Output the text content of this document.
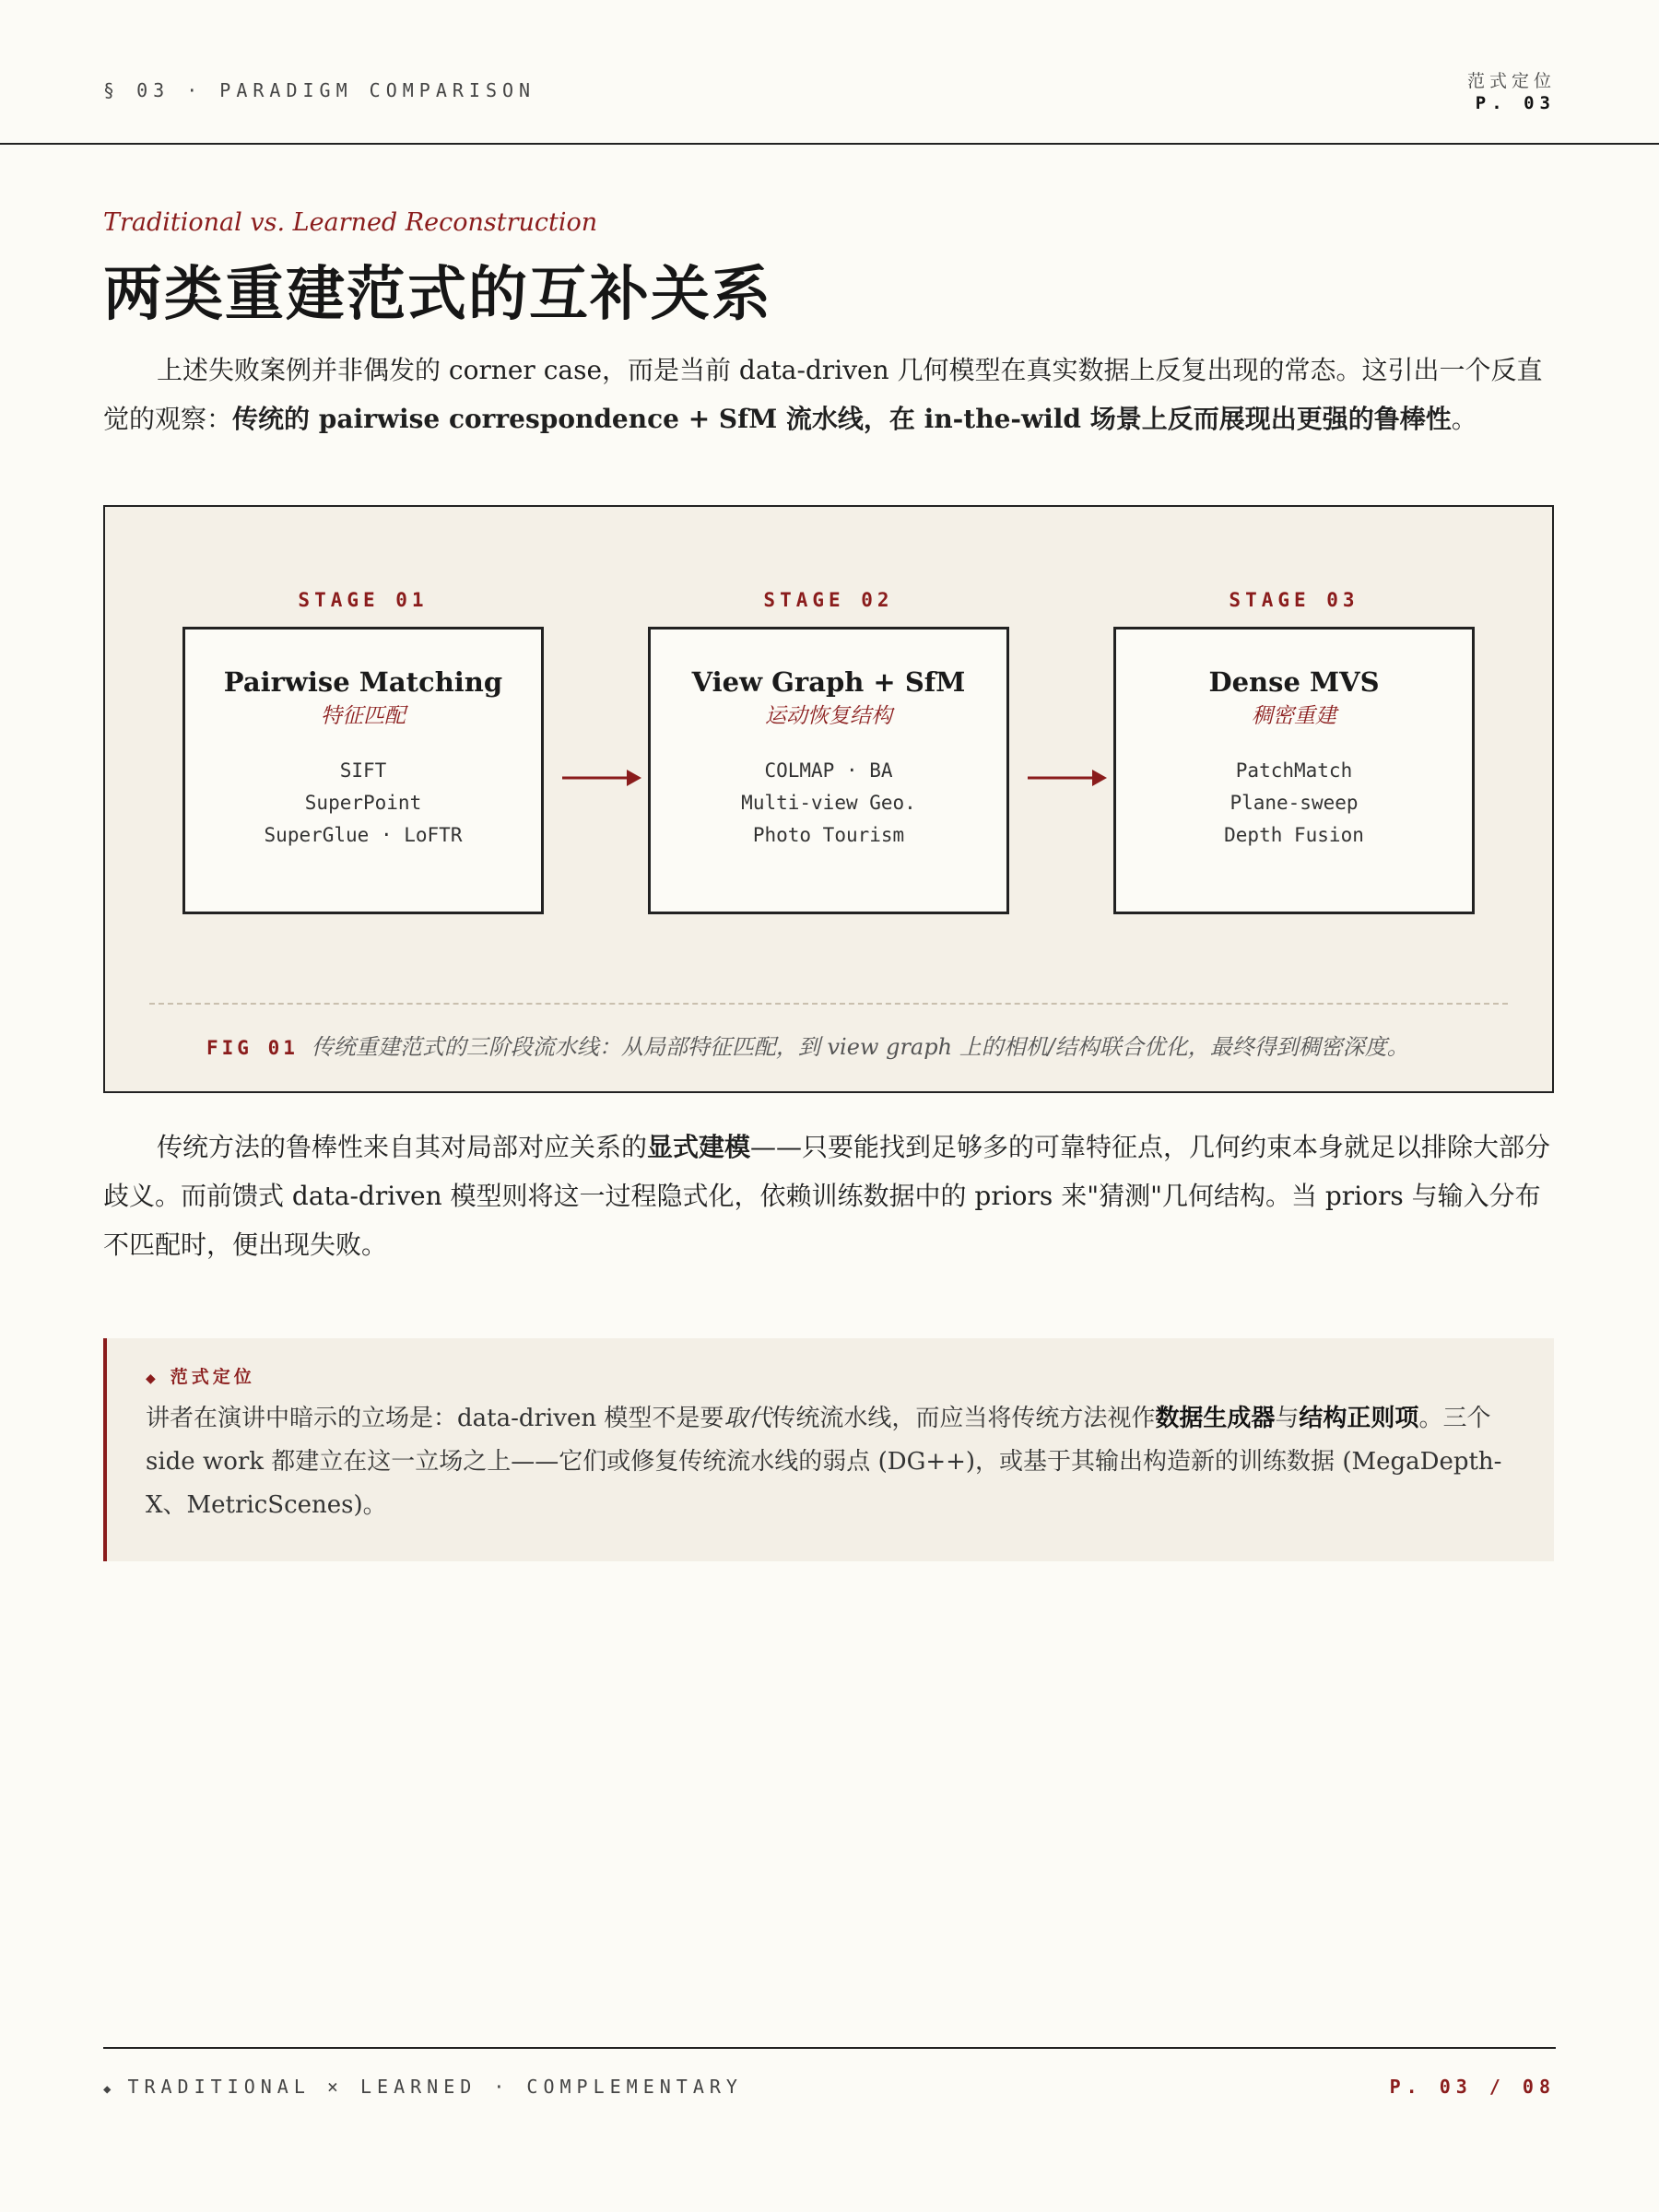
§ 03 · PARADIGM COMPARISON	范式定位
P. 03
Traditional vs. Learned Reconstruction
两类重建范式的互补关系

上述失败案例并非偶发的 corner case，而是当前 data-driven 几何模型在真实数据上反复出现的常态。这引出一个反直觉的观察：传统的 pairwise correspondence + SfM 流水线，在 in-the-wild 场景上反而展现出更强的鲁棒性。

STAGE 01
Pairwise Matching
特征匹配
SIFT
SuperPoint
SuperGlue · LoFTR
STAGE 02
View Graph + SfM
运动恢复结构
COLMAP · BA
Multi-view Geo.
Photo Tourism
STAGE 03
Dense MVS
稠密重建
PatchMatch
Plane-sweep
Depth Fusion
FIG 01 传统重建范式的三阶段流水线：从局部特征匹配，到 view graph 上的相机/结构联合优化，最终得到稠密深度。

传统方法的鲁棒性来自其对局部对应关系的显式建模——只要能找到足够多的可靠特征点，几何约束本身就足以排除大部分歧义。而前馈式 data-driven 模型则将这一过程隐式化，依赖训练数据中的 priors 来"猜测"几何结构。当 priors 与输入分布不匹配时，便出现失败。

◆ 范式定位
讲者在演讲中暗示的立场是：data-driven 模型不是要取代传统流水线，而应当将传统方法视作数据生成器与结构正则项。三个 side work 都建立在这一立场之上——它们或修复传统流水线的弱点 (DG++)，或基于其输出构造新的训练数据 (MegaDepth-X、MetricScenes)。
◆ TRADITIONAL × LEARNED · COMPLEMENTARY	P. 03 / 08
